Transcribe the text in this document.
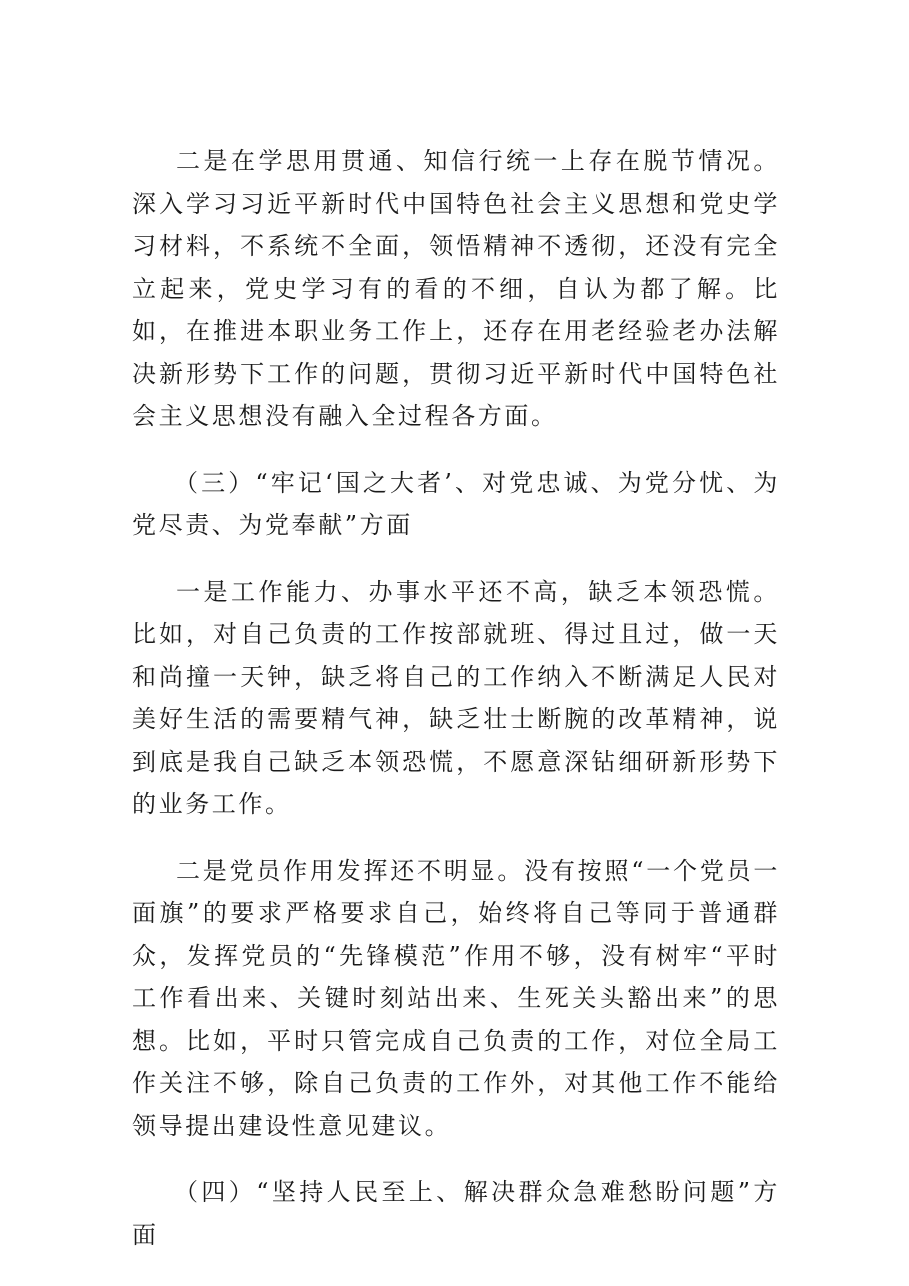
二是在学思用贯通、知信行统一上存在脱节情况。深入学习习近平新时代中国特色社会主义思想和党史学习材料，不系统不全面，领悟精神不透彻，还没有完全立起来，党史学习有的看的不细，自认为都了解。比如，在推进本职业务工作上，还存在用老经验老办法解决新形势下工作的问题，贯彻习近平新时代中国特色社会主义思想没有融入全过程各方面。

（三）“牢记‘国之大者’、对党忠诚、为党分忧、为党尽责、为党奉献”方面

一是工作能力、办事水平还不高，缺乏本领恐慌。比如，对自己负责的工作按部就班、得过且过，做一天和尚撞一天钟，缺乏将自己的工作纳入不断满足人民对美好生活的需要精气神，缺乏壮士断腕的改革精神，说到底是我自己缺乏本领恐慌，不愿意深钻细研新形势下的业务工作。

二是党员作用发挥还不明显。没有按照“一个党员一面旗”的要求严格要求自己，始终将自己等同于普通群众，发挥党员的“先锋模范”作用不够，没有树牢“平时工作看出来、关键时刻站出来、生死关头豁出来”的思想。比如，平时只管完成自己负责的工作，对位全局工作关注不够，除自己负责的工作外，对其他工作不能给领导提出建设性意见建议。

（四）“坚持人民至上、解决群众急难愁盼问题”方面
